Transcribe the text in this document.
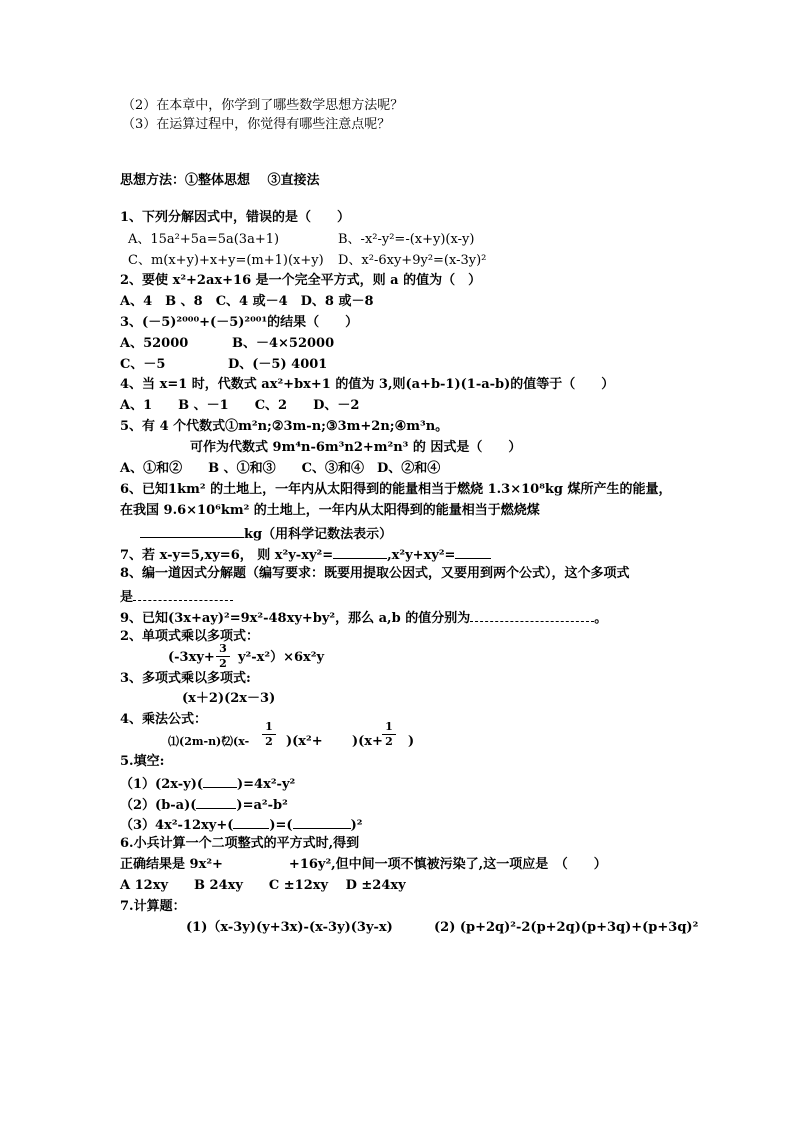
（2）在本章中，你学到了哪些数学思想方法呢？
（3）在运算过程中，你觉得有哪些注意点呢？
思想方法：①整体思想　 ③直接法
1、下列分解因式中，错误的是（　　）
A、15a²+5a=5a(3a+1)	B、-x²-y²=-(x+y)(x-y)
C、m(x+y)+x+y=(m+1)(x+y) D、x²-6xy+9y²=(x-3y)²
2、要使 x²+2ax+16 是一个完全平方式，则 a 的值为（　）
A、4　B 、8　C、4 或－4　D、8 或－8
3、(－5)²⁰⁰⁰+(－5)²⁰⁰¹的结果（　　）
A、52000	B、－4×52000
C、－5	D、(－5) 4001
4、当 x=1 时，代数式 ax²+bx+1 的值为 3,则(a+b-1)(1-a-b)的值等于（　　）
A、1　　B 、－1　　C、2　　D、－2
5、有 4 个代数式①m²n;②3m-n;③3m+2n;④m³n。
可作为代数式 9m⁴n-6m³n2+m²n³ 的 因式是（　　）
A、①和②　　B 、①和③　　C、③和④　D、②和④
6、已知1km² 的土地上，一年内从太阳得到的能量相当于燃烧 1.3×10⁸kg 煤所产生的能量，
在我国 9.6×10⁶km² 的土地上，一年内从太阳得到的能量相当于燃烧煤
kg（用科学记数法表示）
7、若 x-y=5,xy=6， 则 x²y-xy²=	,x²y+xy²=
8、编一道因式分解题（编写要求：既要用提取公因式，又要用到两个公式），这个多项式
是
9、已知(3x+ay)²=9x²-48xy+by²，那么 a,b 的值分别为	。
2、单项式乘以多项式：
(-3xy+
3
2 y²-x²）×6x²y
3、多项式乘以多项式:
(x＋2)(2x－3)
4、乘法公式：
⑴(2m-n)²
⑵(x-
1
2 )(x²+ )(x+
1
2 )
5.填空:
（1）(2x-y)(	)=4x²-y²
（2）(b-a)(	)=a²-b²
（3）4x²-12xy+(	)=(	)²
6.小兵计算一个二项整式的平方式时,得到
正确结果是 9x²+	+16y²,但中间一项不慎被污染了,这一项应是　（　　）
A 12xy　　B 24xy　　C ±12xy　 D ±24xy
7.计算题：
(1)（x-3y)(y+3x)-(x-3y)(3y-x)	(2) (p+2q)²-2(p+2q)(p+3q)+(p+3q)²
